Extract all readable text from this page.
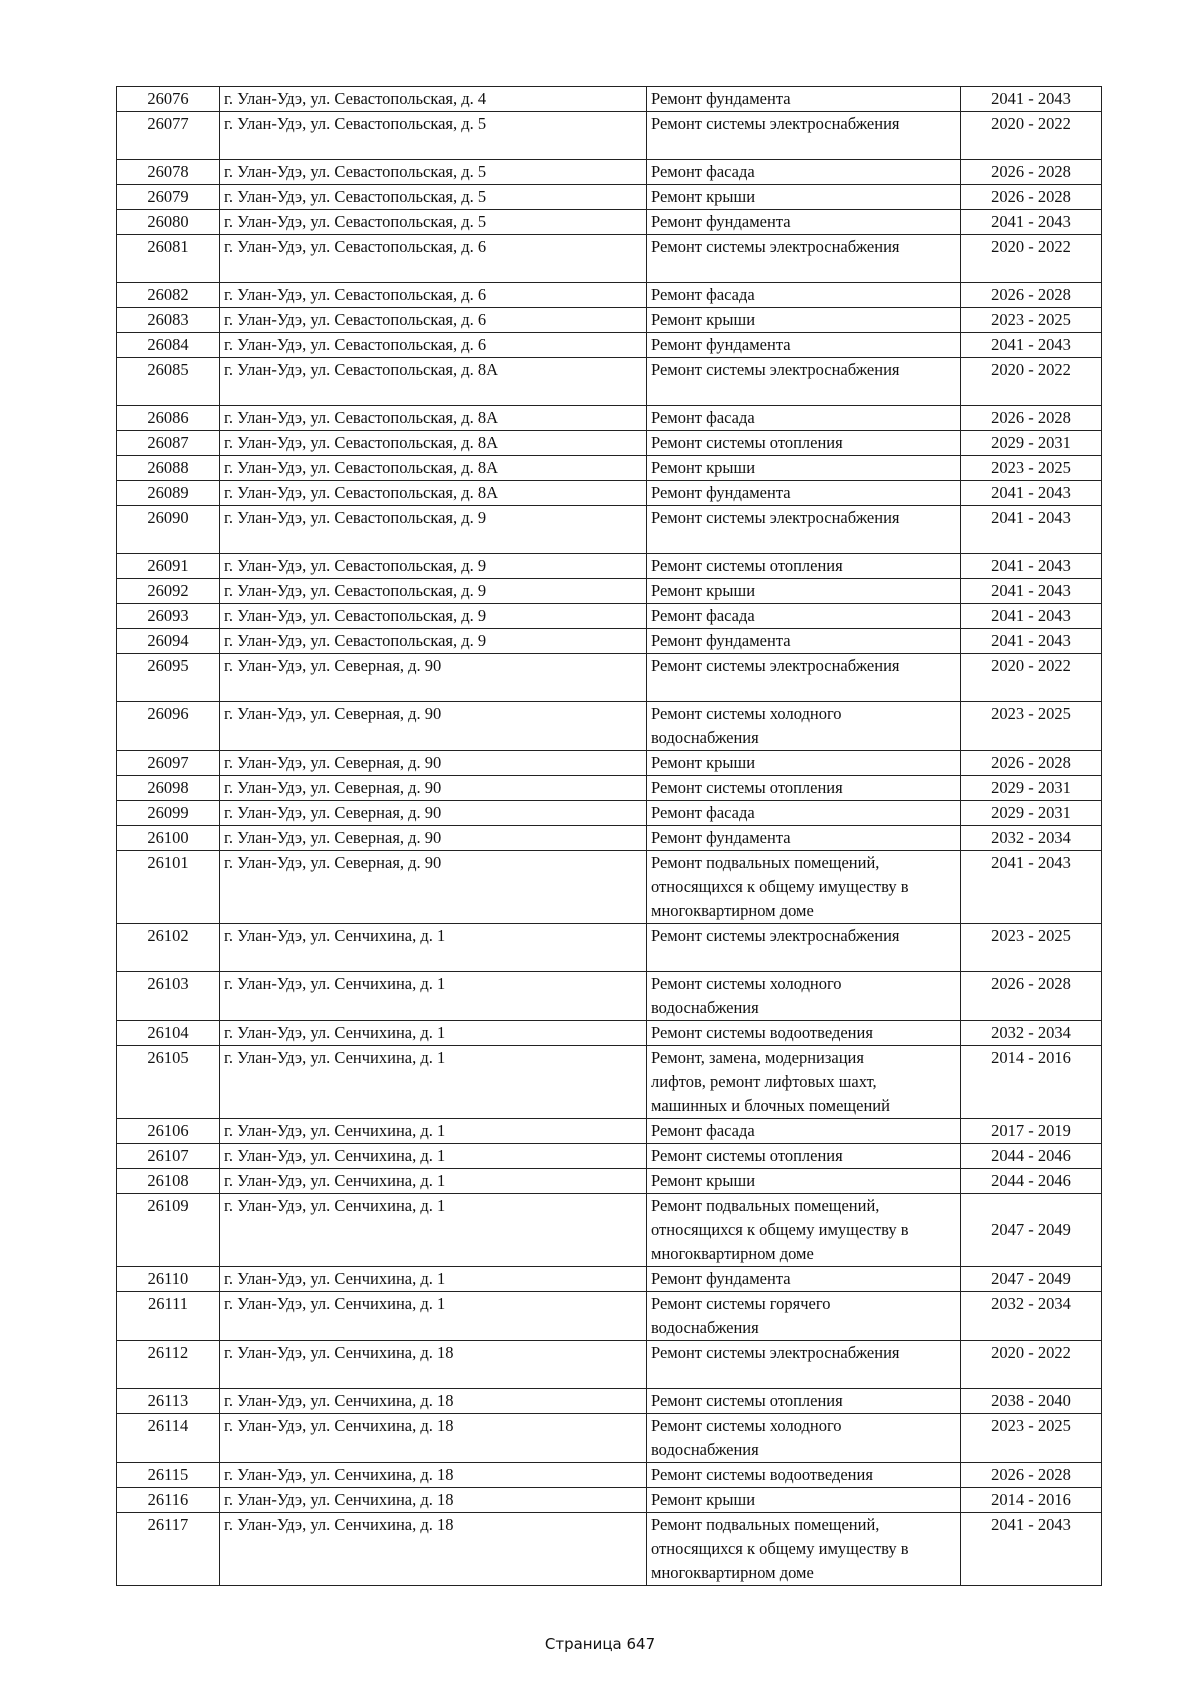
26076	г. Улан-Удэ, ул. Севастопольская, д. 4	Ремонт фундамента	2041 - 2043
26077	г. Улан-Удэ, ул. Севастопольская, д. 5	Ремонт системы электроснабжения	2020 - 2022
26078	г. Улан-Удэ, ул. Севастопольская, д. 5	Ремонт фасада	2026 - 2028
26079	г. Улан-Удэ, ул. Севастопольская, д. 5	Ремонт крыши	2026 - 2028
26080	г. Улан-Удэ, ул. Севастопольская, д. 5	Ремонт фундамента	2041 - 2043
26081	г. Улан-Удэ, ул. Севастопольская, д. 6	Ремонт системы электроснабжения	2020 - 2022
26082	г. Улан-Удэ, ул. Севастопольская, д. 6	Ремонт фасада	2026 - 2028
26083	г. Улан-Удэ, ул. Севастопольская, д. 6	Ремонт крыши	2023 - 2025
26084	г. Улан-Удэ, ул. Севастопольская, д. 6	Ремонт фундамента	2041 - 2043
26085	г. Улан-Удэ, ул. Севастопольская, д. 8А	Ремонт системы электроснабжения	2020 - 2022
26086	г. Улан-Удэ, ул. Севастопольская, д. 8А	Ремонт фасада	2026 - 2028
26087	г. Улан-Удэ, ул. Севастопольская, д. 8А	Ремонт системы отопления	2029 - 2031
26088	г. Улан-Удэ, ул. Севастопольская, д. 8А	Ремонт крыши	2023 - 2025
26089	г. Улан-Удэ, ул. Севастопольская, д. 8А	Ремонт фундамента	2041 - 2043
26090	г. Улан-Удэ, ул. Севастопольская, д. 9	Ремонт системы электроснабжения	2041 - 2043
26091	г. Улан-Удэ, ул. Севастопольская, д. 9	Ремонт системы отопления	2041 - 2043
26092	г. Улан-Удэ, ул. Севастопольская, д. 9	Ремонт крыши	2041 - 2043
26093	г. Улан-Удэ, ул. Севастопольская, д. 9	Ремонт фасада	2041 - 2043
26094	г. Улан-Удэ, ул. Севастопольская, д. 9	Ремонт фундамента	2041 - 2043
26095	г. Улан-Удэ, ул. Северная, д. 90	Ремонт системы электроснабжения	2020 - 2022
26096	г. Улан-Удэ, ул. Северная, д. 90	Ремонт системы холодного
водоснабжения	2023 - 2025
26097	г. Улан-Удэ, ул. Северная, д. 90	Ремонт крыши	2026 - 2028
26098	г. Улан-Удэ, ул. Северная, д. 90	Ремонт системы отопления	2029 - 2031
26099	г. Улан-Удэ, ул. Северная, д. 90	Ремонт фасада	2029 - 2031
26100	г. Улан-Удэ, ул. Северная, д. 90	Ремонт фундамента	2032 - 2034
26101	г. Улан-Удэ, ул. Северная, д. 90	Ремонт подвальных помещений,
относящихся к общему имуществу в
многоквартирном доме	2041 - 2043
26102	г. Улан-Удэ, ул. Сенчихина, д. 1	Ремонт системы электроснабжения	2023 - 2025
26103	г. Улан-Удэ, ул. Сенчихина, д. 1	Ремонт системы холодного
водоснабжения	2026 - 2028
26104	г. Улан-Удэ, ул. Сенчихина, д. 1	Ремонт системы водоотведения	2032 - 2034
26105	г. Улан-Удэ, ул. Сенчихина, д. 1	Ремонт, замена, модернизация
лифтов, ремонт лифтовых шахт,
машинных и блочных помещений	2014 - 2016
26106	г. Улан-Удэ, ул. Сенчихина, д. 1	Ремонт фасада	2017 - 2019
26107	г. Улан-Удэ, ул. Сенчихина, д. 1	Ремонт системы отопления	2044 - 2046
26108	г. Улан-Удэ, ул. Сенчихина, д. 1	Ремонт крыши	2044 - 2046
26109	г. Улан-Удэ, ул. Сенчихина, д. 1	Ремонт подвальных помещений,
относящихся к общему имуществу в
многоквартирном доме	2047 - 2049
26110	г. Улан-Удэ, ул. Сенчихина, д. 1	Ремонт фундамента	2047 - 2049
26111	г. Улан-Удэ, ул. Сенчихина, д. 1	Ремонт системы горячего
водоснабжения	2032 - 2034
26112	г. Улан-Удэ, ул. Сенчихина, д. 18	Ремонт системы электроснабжения	2020 - 2022
26113	г. Улан-Удэ, ул. Сенчихина, д. 18	Ремонт системы отопления	2038 - 2040
26114	г. Улан-Удэ, ул. Сенчихина, д. 18	Ремонт системы холодного
водоснабжения	2023 - 2025
26115	г. Улан-Удэ, ул. Сенчихина, д. 18	Ремонт системы водоотведения	2026 - 2028
26116	г. Улан-Удэ, ул. Сенчихина, д. 18	Ремонт крыши	2014 - 2016
26117	г. Улан-Удэ, ул. Сенчихина, д. 18	Ремонт подвальных помещений,
относящихся к общему имуществу в
многоквартирном доме	2041 - 2043
Страница 647
